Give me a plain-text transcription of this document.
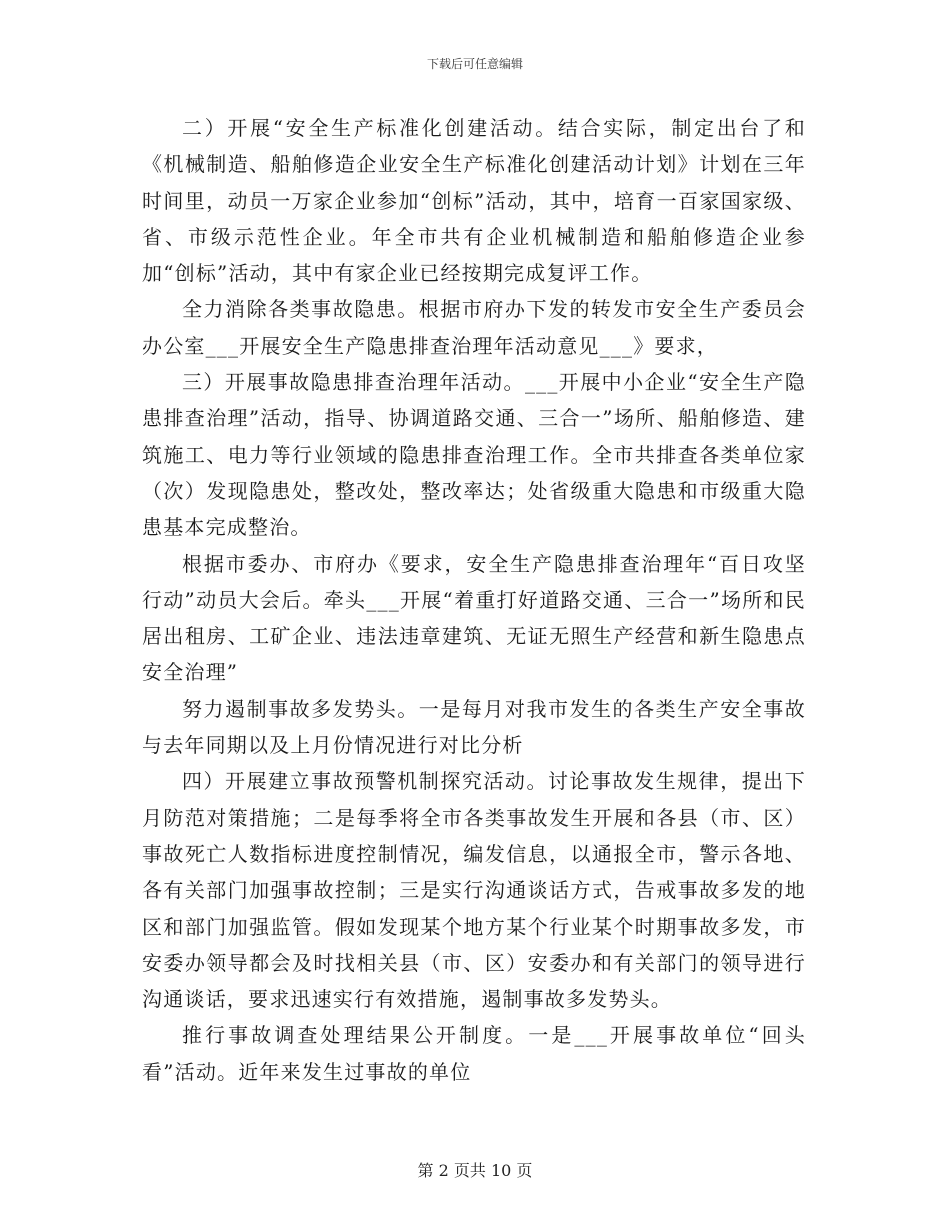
下载后可任意编辑

二）开展“安全生产标准化创建活动。结合实际，制定出台了和《机械制造、船舶修造企业安全生产标准化创建活动计划》计划在三年时间里，动员一万家企业参加“创标”活动，其中，培育一百家国家级、省、市级示范性企业。年全市共有企业机械制造和船舶修造企业参加“创标”活动，其中有家企业已经按期完成复评工作。

全力消除各类事故隐患。根据市府办下发的转发市安全生产委员会办公室___开展安全生产隐患排查治理年活动意见___》要求，

三）开展事故隐患排查治理年活动。___开展中小企业“安全生产隐患排查治理”活动，指导、协调道路交通、三合一”场所、船舶修造、建筑施工、电力等行业领域的隐患排查治理工作。全市共排查各类单位家（次）发现隐患处，整改处，整改率达；处省级重大隐患和市级重大隐患基本完成整治。

根据市委办、市府办《要求，安全生产隐患排查治理年“百日攻坚行动”动员大会后。牵头___开展“着重打好道路交通、三合一”场所和民居出租房、工矿企业、违法违章建筑、无证无照生产经营和新生隐患点安全治理”

努力遏制事故多发势头。一是每月对我市发生的各类生产安全事故与去年同期以及上月份情况进行对比分析

四）开展建立事故预警机制探究活动。讨论事故发生规律，提出下月防范对策措施；二是每季将全市各类事故发生开展和各县（市、区）事故死亡人数指标进度控制情况，编发信息，以通报全市，警示各地、各有关部门加强事故控制；三是实行沟通谈话方式，告戒事故多发的地区和部门加强监管。假如发现某个地方某个行业某个时期事故多发，市安委办领导都会及时找相关县（市、区）安委办和有关部门的领导进行沟通谈话，要求迅速实行有效措施，遏制事故多发势头。

推行事故调查处理结果公开制度。一是___开展事故单位“回头看”活动。近年来发生过事故的单位

第 2 页共 10 页
